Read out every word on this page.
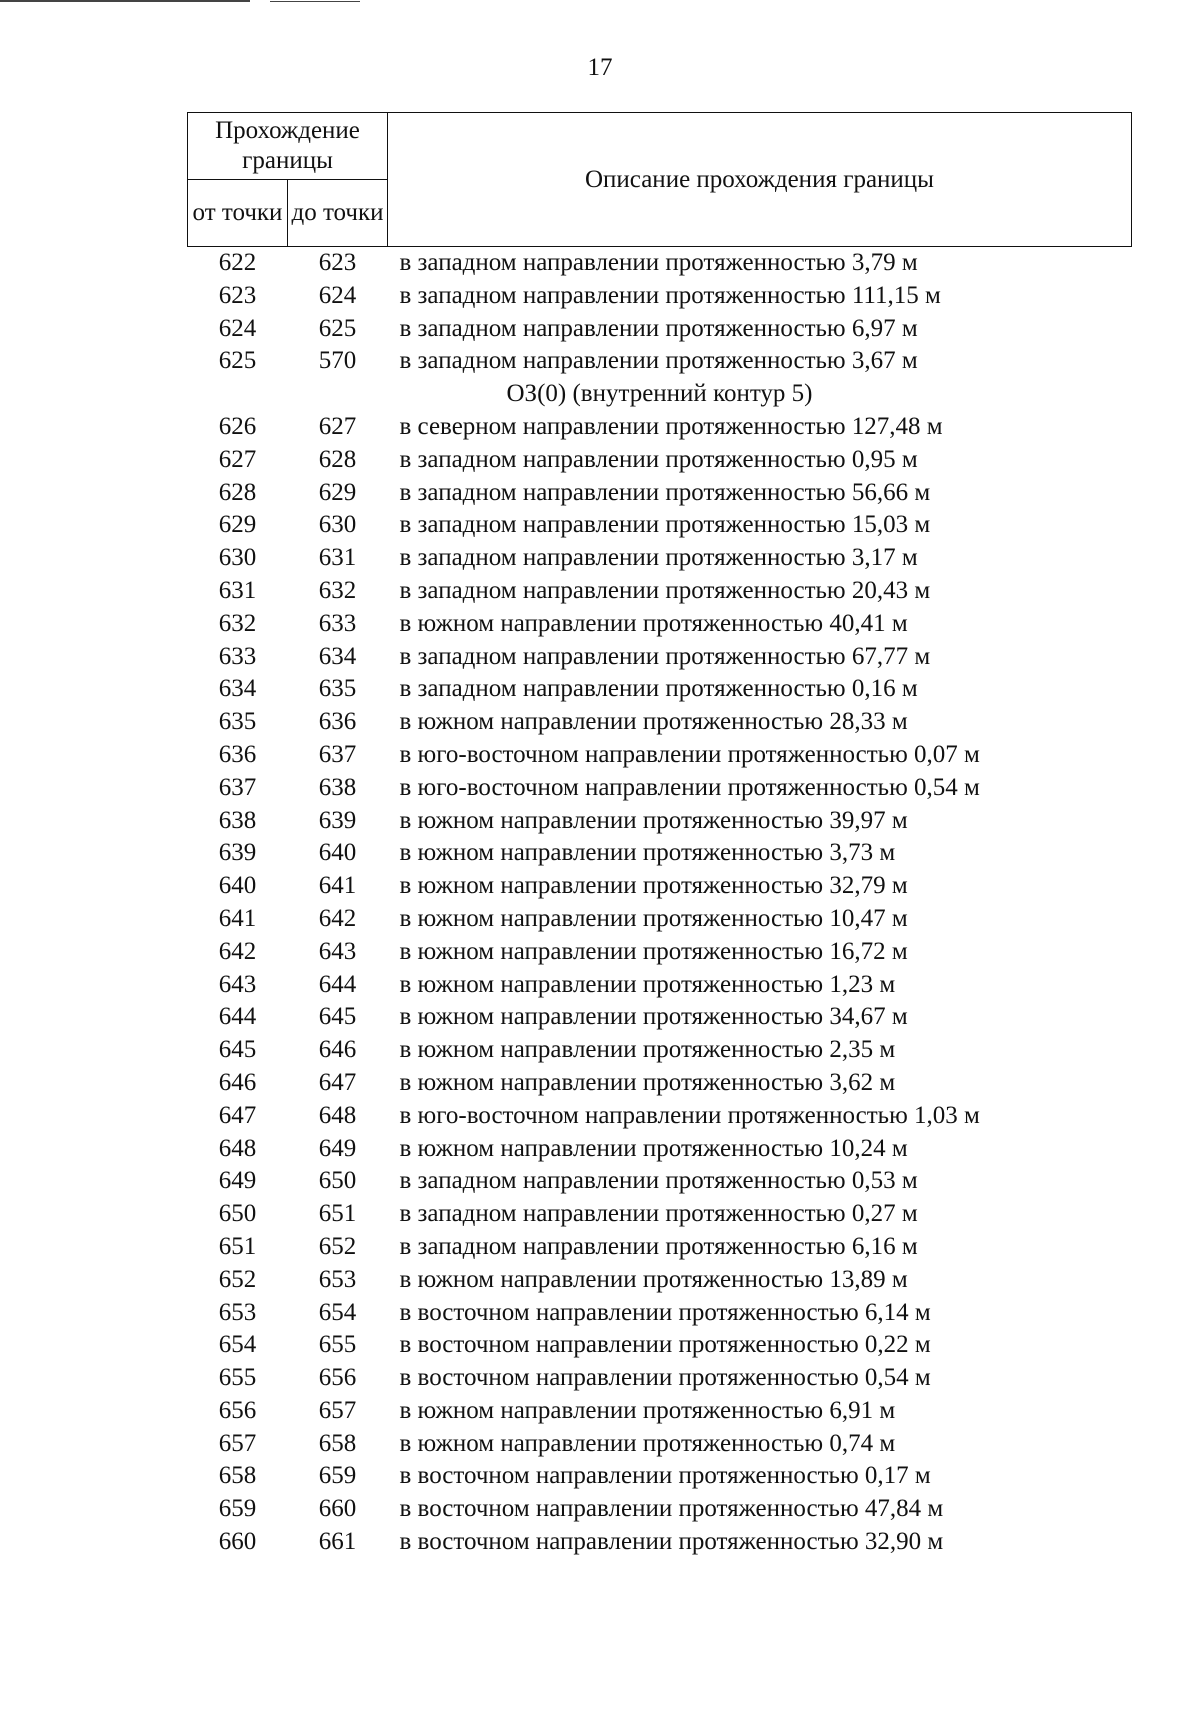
17
Прохождение границы		Описание прохождения границы
от точки	до точки	
622	623	в западном направлении протяженностью 3,79 м
623	624	в западном направлении протяженностью 111,15 м
624	625	в западном направлении протяженностью 6,97 м
625	570	в западном направлении протяженностью 3,67 м
ОЗ(0) (внутренний контур 5)		
626	627	в северном направлении протяженностью 127,48 м
627	628	в западном направлении протяженностью 0,95 м
628	629	в западном направлении протяженностью 56,66 м
629	630	в западном направлении протяженностью 15,03 м
630	631	в западном направлении протяженностью 3,17 м
631	632	в западном направлении протяженностью 20,43 м
632	633	в южном направлении протяженностью 40,41 м
633	634	в западном направлении протяженностью 67,77 м
634	635	в западном направлении протяженностью 0,16 м
635	636	в южном направлении протяженностью 28,33 м
636	637	в юго-восточном направлении протяженностью 0,07 м
637	638	в юго-восточном направлении протяженностью 0,54 м
638	639	в южном направлении протяженностью 39,97 м
639	640	в южном направлении протяженностью 3,73 м
640	641	в южном направлении протяженностью 32,79 м
641	642	в южном направлении протяженностью 10,47 м
642	643	в южном направлении протяженностью 16,72 м
643	644	в южном направлении протяженностью 1,23 м
644	645	в южном направлении протяженностью 34,67 м
645	646	в южном направлении протяженностью 2,35 м
646	647	в южном направлении протяженностью 3,62 м
647	648	в юго-восточном направлении протяженностью 1,03 м
648	649	в южном направлении протяженностью 10,24 м
649	650	в западном направлении протяженностью 0,53 м
650	651	в западном направлении протяженностью 0,27 м
651	652	в западном направлении протяженностью 6,16 м
652	653	в южном направлении протяженностью 13,89 м
653	654	в восточном направлении протяженностью 6,14 м
654	655	в восточном направлении протяженностью 0,22 м
655	656	в восточном направлении протяженностью 0,54 м
656	657	в южном направлении протяженностью 6,91 м
657	658	в южном направлении протяженностью 0,74 м
658	659	в восточном направлении протяженностью 0,17 м
659	660	в восточном направлении протяженностью 47,84 м
660	661	в восточном направлении протяженностью 32,90 м
